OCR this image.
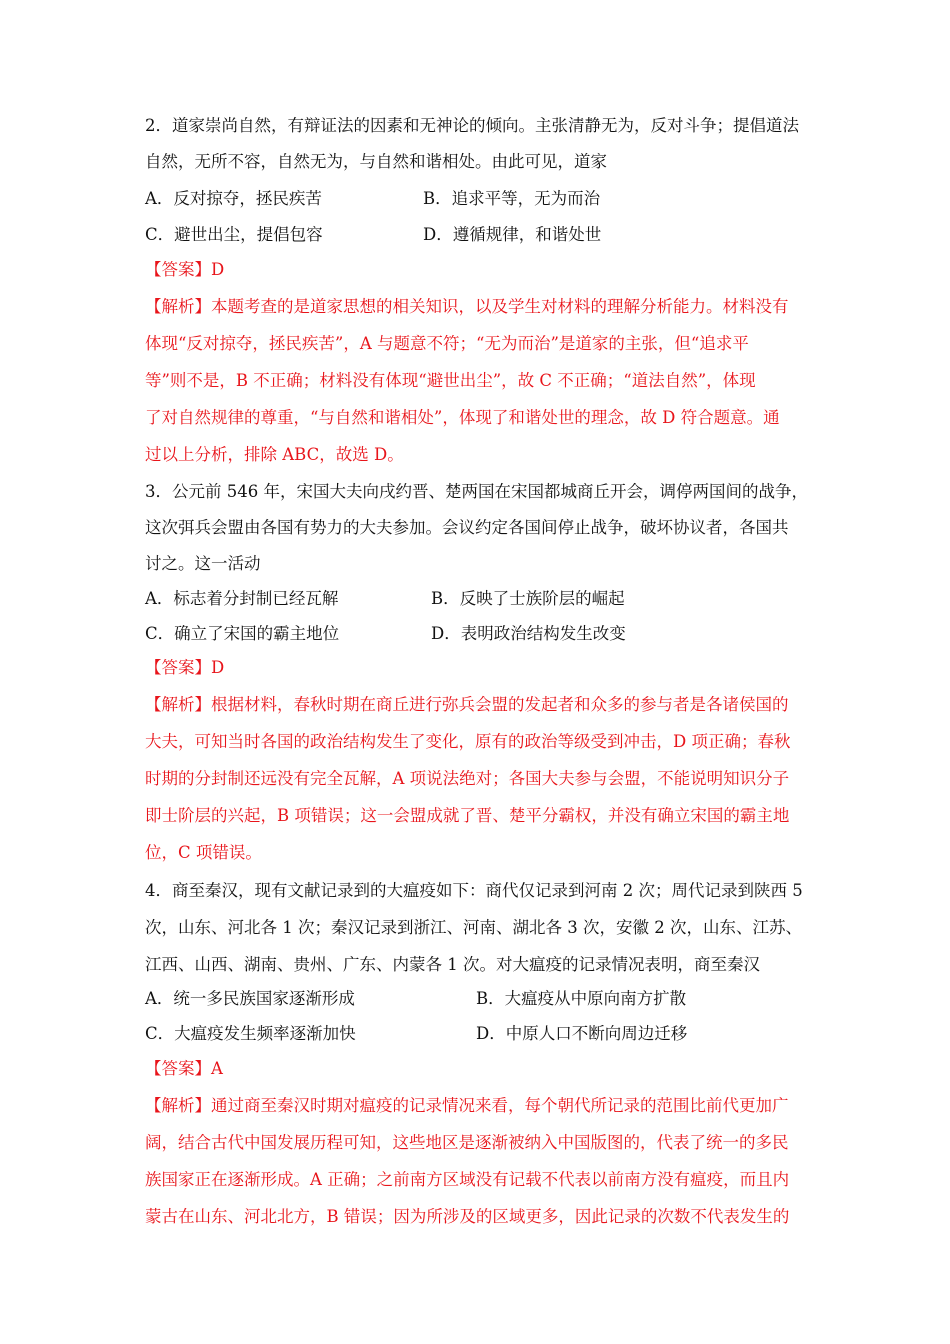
2．道家崇尚自然，有辩证法的因素和无神论的倾向。主张清静无为，反对斗争；提倡道法
自然，无所不容，自然无为，与自然和谐相处。由此可见，道家
A．反对掠夺，拯民疾苦	B．追求平等，无为而治
C．避世出尘，提倡包容	D．遵循规律，和谐处世
【答案】D
【解析】本题考查的是道家思想的相关知识，以及学生对材料的理解分析能力。材料没有
体现“反对掠夺，拯民疾苦”，A 与题意不符；“无为而治”是道家的主张，但“追求平
等”则不是，B 不正确；材料没有体现“避世出尘”，故 C 不正确；“道法自然”，体现
了对自然规律的尊重，“与自然和谐相处”，体现了和谐处世的理念，故 D 符合题意。通
过以上分析，排除 ABC，故选 D。
3．公元前 546 年，宋国大夫向戌约晋、楚两国在宋国都城商丘开会，调停两国间的战争，
这次弭兵会盟由各国有势力的大夫参加。会议约定各国间停止战争，破坏协议者，各国共
讨之。这一活动
A．标志着分封制已经瓦解	B．反映了士族阶层的崛起
C．确立了宋国的霸主地位	D．表明政治结构发生改变
【答案】D
【解析】根据材料，春秋时期在商丘进行弥兵会盟的发起者和众多的参与者是各诸侯国的
大夫，可知当时各国的政治结构发生了变化，原有的政治等级受到冲击，D 项正确；春秋
时期的分封制还远没有完全瓦解，A 项说法绝对；各国大夫参与会盟，不能说明知识分子
即士阶层的兴起，B 项错误；这一会盟成就了晋、楚平分霸权，并没有确立宋国的霸主地
位，C 项错误。
4．商至秦汉，现有文献记录到的大瘟疫如下：商代仅记录到河南 2 次；周代记录到陕西 5
次，山东、河北各 1 次；秦汉记录到浙江、河南、湖北各 3 次，安徽 2 次，山东、江苏、
江西、山西、湖南、贵州、广东、内蒙各 1 次。对大瘟疫的记录情况表明，商至秦汉
A．统一多民族国家逐渐形成	B．大瘟疫从中原向南方扩散
C．大瘟疫发生频率逐渐加快	D．中原人口不断向周边迁移
【答案】A
【解析】通过商至秦汉时期对瘟疫的记录情况来看，每个朝代所记录的范围比前代更加广
阔，结合古代中国发展历程可知，这些地区是逐渐被纳入中国版图的，代表了统一的多民
族国家正在逐渐形成。A 正确；之前南方区域没有记载不代表以前南方没有瘟疫，而且内
蒙古在山东、河北北方，B 错误；因为所涉及的区域更多，因此记录的次数不代表发生的
